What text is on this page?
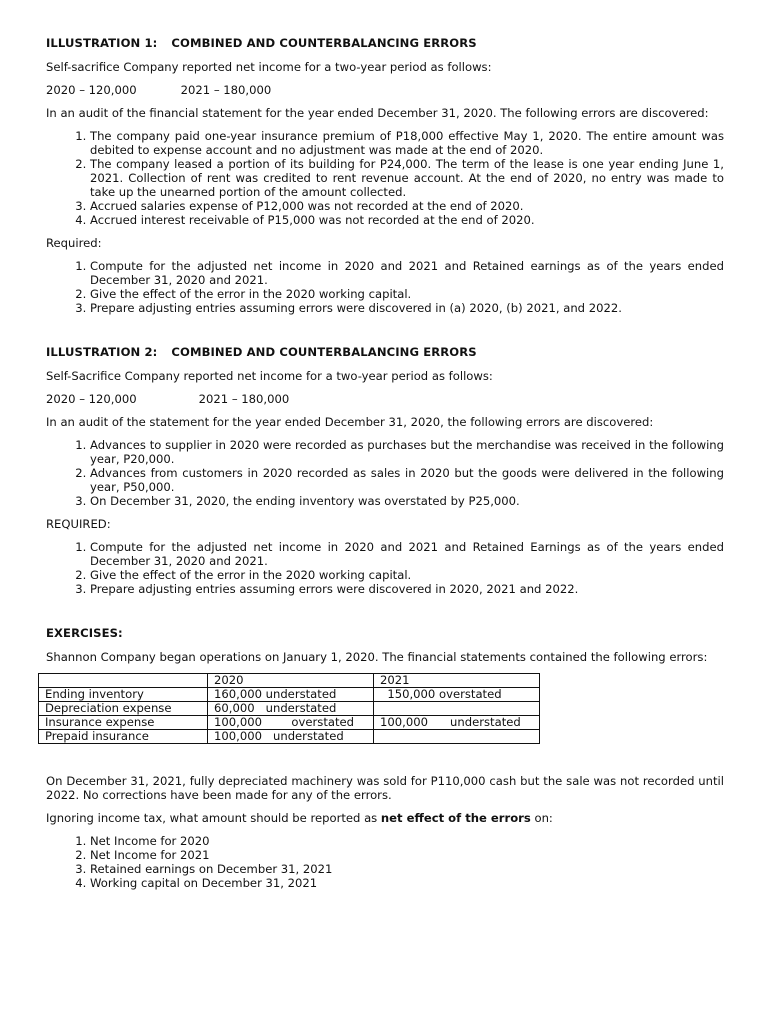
ILLUSTRATION 1: COMBINED AND COUNTERBALANCING ERRORS

Self-sacrifice Company reported net income for a two-year period as follows:

2020 – 120,000	2021 – 180,000

In an audit of the financial statement for the year ended December 31, 2020. The following errors are discovered:

1. The company paid one-year insurance premium of P18,000 effective May 1, 2020. The entire amount was debited to expense account and no adjustment was made at the end of 2020.
2. The company leased a portion of its building for P24,000. The term of the lease is one year ending June 1, 2021. Collection of rent was credited to rent revenue account. At the end of 2020, no entry was made to take up the unearned portion of the amount collected.
3. Accrued salaries expense of P12,000 was not recorded at the end of 2020.
4. Accrued interest receivable of P15,000 was not recorded at the end of 2020.

Required:

1. Compute for the adjusted net income in 2020 and 2021 and Retained earnings as of the years ended December 31, 2020 and 2021.
2. Give the effect of the error in the 2020 working capital.
3. Prepare adjusting entries assuming errors were discovered in (a) 2020, (b) 2021, and 2022.
ILLUSTRATION 2: COMBINED AND COUNTERBALANCING ERRORS

Self-Sacrifice Company reported net income for a two-year period as follows:

2020 – 120,000	2021 – 180,000

In an audit of the statement for the year ended December 31, 2020, the following errors are discovered:

1. Advances to supplier in 2020 were recorded as purchases but the merchandise was received in the following year, P20,000.
2. Advances from customers in 2020 recorded as sales in 2020 but the goods were delivered in the following year, P50,000.
3. On December 31, 2020, the ending inventory was overstated by P25,000.

REQUIRED:

1. Compute for the adjusted net income in 2020 and 2021 and Retained Earnings as of the years ended December 31, 2020 and 2021.
2. Give the effect of the error in the 2020 working capital.
3. Prepare adjusting entries assuming errors were discovered in 2020, 2021 and 2022.
EXERCISES:

Shannon Company began operations on January 1, 2020. The financial statements contained the following errors:

	2020	2021
Ending inventory	160,000 understated	150,000 overstated
Depreciation expense	60,000   understated	
Insurance expense	100,000        overstated	100,000      understated
Prepaid insurance	100,000   understated	

On December 31, 2021, fully depreciated machinery was sold for P110,000 cash but the sale was not recorded until 2022. No corrections have been made for any of the errors.

Ignoring income tax, what amount should be reported as net effect of the errors on:

1. Net Income for 2020
2. Net Income for 2021
3. Retained earnings on December 31, 2021
4. Working capital on December 31, 2021
